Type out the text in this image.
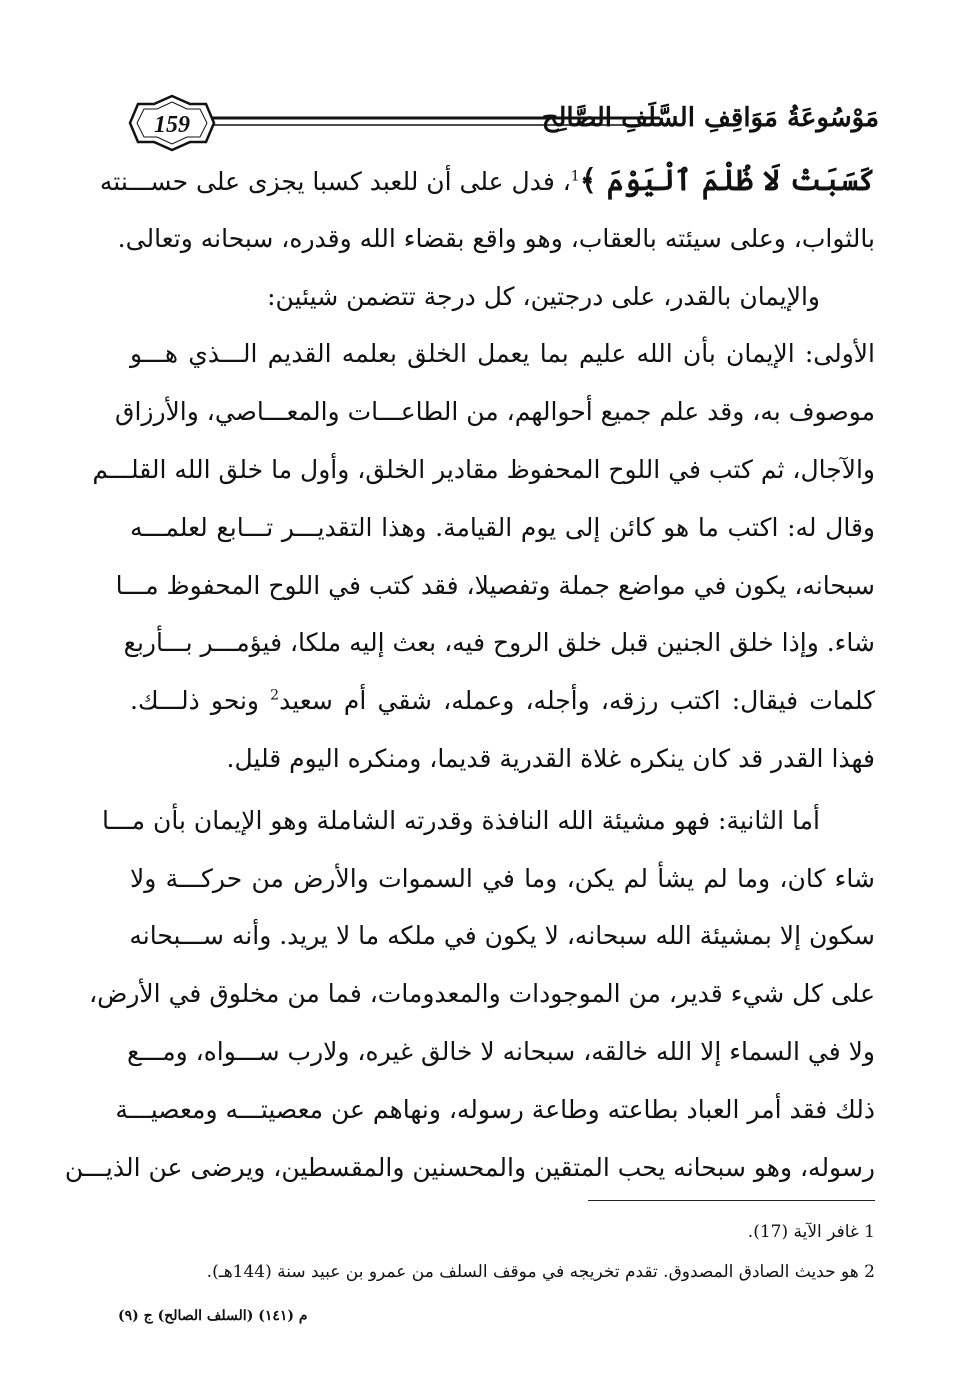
159	مَوْسُوعَةُ مَوَاقِفِ السَّلَفِ الصَّالِح
كَسَبَتْ لَا ظُلْمَ ٱلْيَوْمَ ﴾$^1$، فدل على أن للعبد كسبا يجزى على حســـنته
بالثواب، وعلى سيئته بالعقاب، وهو واقع بقضاء الله وقدره، سبحانه وتعالى.
والإيمان بالقدر، على درجتين، كل درجة تتضمن شيئين:
الأولى: الإيمان بأن الله عليم بما يعمل الخلق بعلمه القديم الـــذي هـــو
موصوف به، وقد علم جميع أحوالهم، من الطاعـــات والمعـــاصي، والأرزاق
والآجال، ثم كتب في اللوح المحفوظ مقادير الخلق، وأول ما خلق الله القلـــم
وقال له: اكتب ما هو كائن إلى يوم القيامة. وهذا التقديـــر تـــابع لعلمـــه
سبحانه، يكون في مواضع جملة وتفصيلا، فقد كتب في اللوح المحفوظ مـــا
شاء. وإذا خلق الجنين قبل خلق الروح فيه، بعث إليه ملكا، فيؤمـــر بـــأربع
كلمات فيقال: اكتب رزقه، وأجله، وعمله، شقي أم سعيد$^2$ ونحو ذلـــك.
فهذا القدر قد كان ينكره غلاة القدرية قديما، ومنكره اليوم قليل.
أما الثانية: فهو مشيئة الله النافذة وقدرته الشاملة وهو الإيمان بأن مـــا
شاء كان، وما لم يشأ لم يكن، وما في السموات والأرض من حركـــة ولا
سكون إلا بمشيئة الله سبحانه، لا يكون في ملكه ما لا يريد. وأنه ســـبحانه
على كل شيء قدير، من الموجودات والمعدومات، فما من مخلوق في الأرض،
ولا في السماء إلا الله خالقه، سبحانه لا خالق غيره، ولارب ســـواه، ومـــع
ذلك فقد أمر العباد بطاعته وطاعة رسوله، ونهاهم عن معصيتـــه ومعصيـــة
رسوله، وهو سبحانه يحب المتقين والمحسنين والمقسطين، ويرضى عن الذيـــن
1 غافر الآية (17).
2 هو حديث الصادق المصدوق. تقدم تخريجه في موقف السلف من عمرو بن عبيد سنة (144هـ).
م (١٤١) (السلف الصالح) ج (٩)
